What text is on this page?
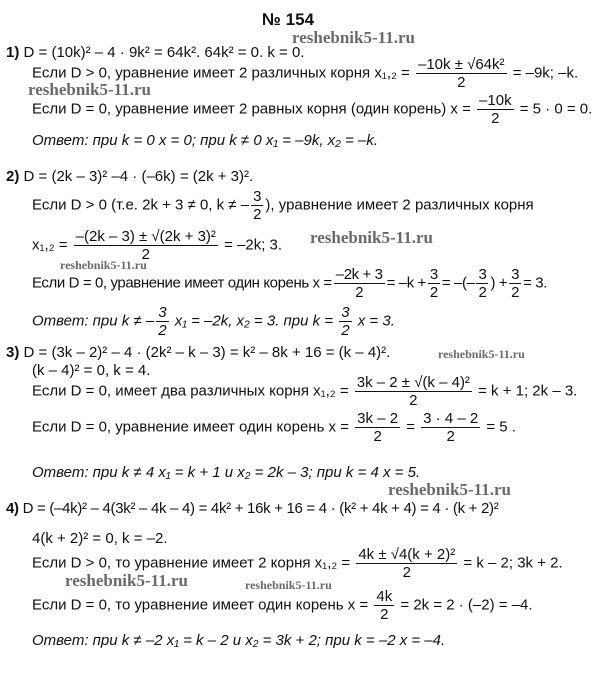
№ 154
reshebnik5-11.ru
reshebnik5-11.ru
reshebnik5-11.ru
reshebnik5-11.ru
reshebnik5-11.ru
reshebnik5-11.ru
reshebnik5-11.ru	reshebnik5-11.ru
1) D = (10k)² – 4 · 9k² = 64k². 64k² = 0. k = 0.
Если D > 0, уравнение имеет 2 различных корня $x_1,_2 = \frac{\text{–10k ± √64k²}}{2} = -9k$; –k.
Если D = 0, уравнение имеет 2 равных корня (один корень) $x = \frac{-10k}{2} = 5 \cdot 0 = 0$.
Ответ: при k = 0 x = 0; при k ≠ 0 x₁ = –9k, x₂ = –k.
2) D = (2k – 3)² –4 · (–6k) = (2k + 3)².
Если D > 0 (т.е. 2k + 3 ≠ 0, k ≠ – $\frac{3}{2}$ ), уравнение имеет 2 различных корня
$x_1,_2 = \frac{\text{–(2k – 3) ± √(2k + 3)²}}{2} = -2k$; 3.
Если D = 0, уравнение имеет один корень $x = \frac{-2k + 3}{2} = -k + \frac{3}{2}$ = –(– $\frac{3}{2}$ ) + $\frac{3}{2} = 3$.
Ответ: при k ≠ – $\frac{3}{2} x_1 = -2k$, x₂ = 3. при $k = \frac{3}{2}$ x = 3.
3) D = (3k – 2)² – 4 · (2k² – k – 3) = k² – 8k + 16 = (k – 4)².
(k – 4)² = 0, k = 4.
Если D = 0, имеет два различных корня $x_1,_2 = \frac{\text{3k – 2 ± √(k – 4)²}}{2} = k + 1$; 2k – 3.
Если D = 0, уравнение имеет один корень $x = \frac{3k - 2}{2} = \frac{3 \cdot 4 - 2}{2} = 5$ .
Ответ: при k ≠ 4 x₁ = k + 1 и x₂ = 2k – 3; при k = 4 x = 5.
4) D = (–4k)² – 4(3k² – 4k – 4) = 4k² + 16k + 16 = 4 · (k² + 4k + 4) = 4 · (k + 2)²
4(k + 2)² = 0, k = –2.
Если D > 0, то уравнение имеет 2 корня $x_1,_2 = \frac{\text{4k ± √4(k + 2)²}}{2} = k - 2$; 3k + 2.
Если D = 0, то уравнение имеет один корень $x = \frac{4k}{2} = 2k = 2 \cdot (-2) = -4$.
Ответ: при k ≠ –2 x₁ = k – 2 и x₂ = 3k + 2; при k = –2 x = –4.
